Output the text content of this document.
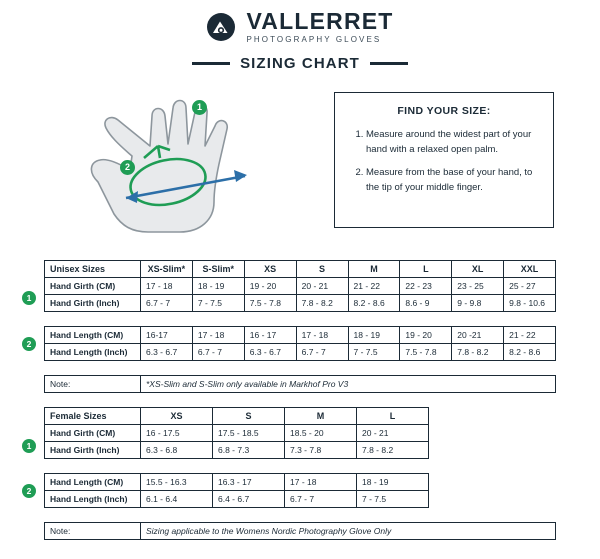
VALLERRET
PHOTOGRAPHY GLOVES
SIZING CHART
1
2
FIND YOUR SIZE:
1. Measure around the widest part of your hand with a relaxed open palm.
2. Measure from the base of your hand, to the tip of your middle finger.
Unisex Sizes	XS-Slim*	S-Slim*	XS	S	M	L	XL	XXL
Hand Girth (CM)	17 - 18	18 - 19	19 - 20	20 - 21	21 - 22	22 - 23	23 - 25	25 - 27
Hand Girth (Inch)	6.7 - 7	7 - 7.5	7.5 - 7.8	7.8 - 8.2	8.2 - 8.6	8.6 - 9	9 - 9.8	9.8 - 10.6

Hand Length (CM)	16-17	17 - 18	16 - 17	17 - 18	18 - 19	19 - 20	20 -21	21 - 22
Hand Length (Inch)	6.3 - 6.7	6.7 - 7	6.3 - 6.7	6.7 - 7	7 - 7.5	7.5 - 7.8	7.8 - 8.2	8.2 - 8.6

Note:	*XS-Slim and S-Slim only available in Markhof Pro V3							
Female Sizes	XS	S	M	L	
Hand Girth (CM)	16 - 17.5	17.5 - 18.5	18.5 - 20	20 - 21	
Hand Girth (Inch)	6.3 - 6.8	6.8 - 7.3	7.3 - 7.8	7.8 - 8.2	

Hand Length (CM)	15.5 - 16.3	16.3 - 17	17 - 18	18 - 19	
Hand Length (Inch)	6.1 - 6.4	6.4 - 6.7	6.7 - 7	7 - 7.5	

Note:	Sizing applicable to the Womens Nordic Photography Glove Only				
1
2
1
2
